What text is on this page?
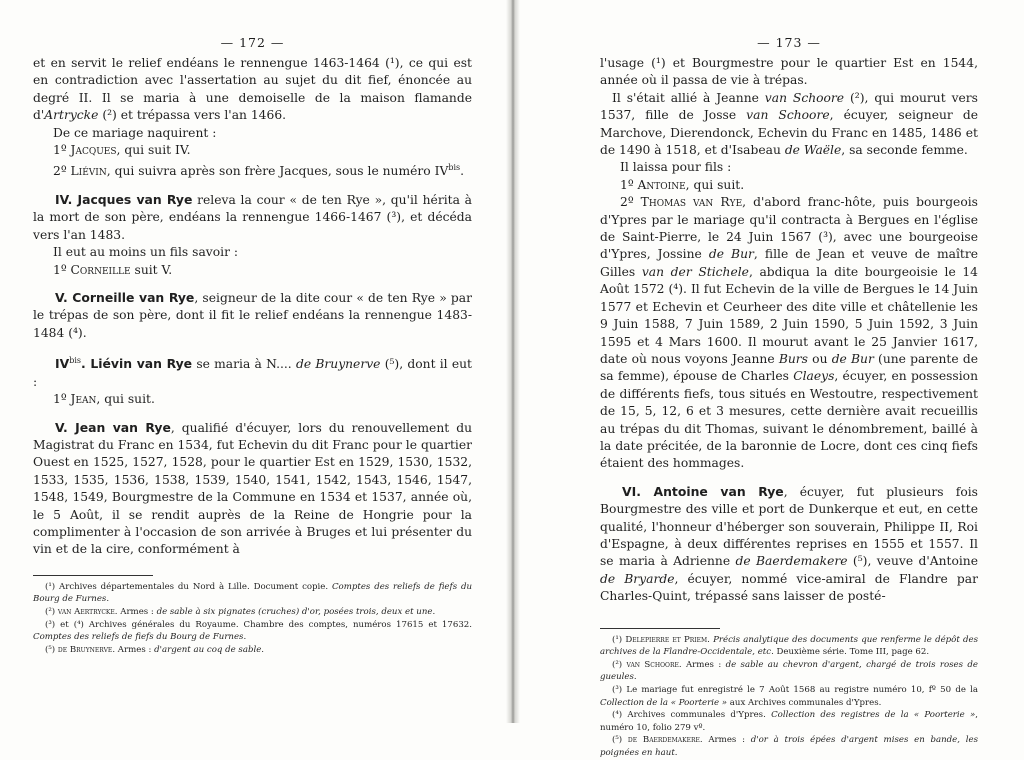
— 172 —

et en servit le relief endéans le rennengue 1463-1464 (¹), ce qui est en contradiction avec l'assertation au sujet du dit fief, énoncée au degré II. Il se maria à une demoiselle de la maison flamande d'Artrycke (²) et trépassa vers l'an 1466.

De ce mariage naquirent :

1º Jacques, qui suit IV.

2º Liévin, qui suivra après son frère Jacques, sous le numéro $IV^{bis}$.

IV. Jacques van Rye releva la cour « de ten Rye », qu'il hérita à la mort de son père, endéans la rennengue 1466-1467 (³), et décéda vers l'an 1483.

Il eut au moins un fils savoir :

1º Corneille suit V.

V. Corneille van Rye, seigneur de la dite cour « de ten Rye » par le trépas de son père, dont il fit le relief endéans la rennengue 1483-1484 (⁴).

$IV^{bis}$. Liévin van Rye se maria à N.... de Bruynerve (⁵), dont il eut :

1º Jean, qui suit.

V. Jean van Rye, qualifié d'écuyer, lors du renouvellement du Magistrat du Franc en 1534, fut Echevin du dit Franc pour le quartier Ouest en 1525, 1527, 1528, pour le quartier Est en 1529, 1530, 1532, 1533, 1535, 1536, 1538, 1539, 1540, 1541, 1542, 1543, 1546, 1547, 1548, 1549, Bourgmestre de la Commune en 1534 et 1537, année où, le 5 Août, il se rendit auprès de la Reine de Hongrie pour la complimenter à l'occasion de son arrivée à Bruges et lui présenter du vin et de la cire, conformément à

(¹) Archives départementales du Nord à Lille. Document copie. Comptes des reliefs de fiefs du Bourg de Furnes.

(²) van Aertrycke. Armes : de sable à six pignates (cruches) d'or, posées trois, deux et une.

(³) et (⁴) Archives générales du Royaume. Chambre des comptes, numéros 17615 et 17632. Comptes des reliefs de fiefs du Bourg de Furnes.

(⁵) de Bruynerve. Armes : d'argent au coq de sable.

— 173 —

l'usage (¹) et Bourgmestre pour le quartier Est en 1544, année où il passa de vie à trépas.

Il s'était allié à Jeanne van Schoore (²), qui mourut vers 1537, fille de Josse van Schoore, écuyer, seigneur de Marchove, Dierendonck, Echevin du Franc en 1485, 1486 et de 1490 à 1518, et d'Isabeau de Waële, sa seconde femme.

Il laissa pour fils :

1º Antoine, qui suit.

2º Thomas van Rye, d'abord franc-hôte, puis bourgeois d'Ypres par le mariage qu'il contracta à Bergues en l'église de Saint-Pierre, le 24 Juin 1567 (³), avec une bourgeoise d'Ypres, Jossine de Bur, fille de Jean et veuve de maître Gilles van der Stichele, abdiqua la dite bourgeoisie le 14 Août 1572 (⁴). Il fut Echevin de la ville de Bergues le 14 Juin 1577 et Echevin et Ceurheer des dite ville et châtellenie les 9 Juin 1588, 7 Juin 1589, 2 Juin 1590, 5 Juin 1592, 3 Juin 1595 et 4 Mars 1600. Il mourut avant le 25 Janvier 1617, date où nous voyons Jeanne Burs ou de Bur (une parente de sa femme), épouse de Charles Claeys, écuyer, en possession de différents fiefs, tous situés en Westoutre, respectivement de 15, 5, 12, 6 et 3 mesures, cette dernière avait recueillis au trépas du dit Thomas, suivant le dénombrement, baillé à la date précitée, de la baronnie de Locre, dont ces cinq fiefs étaient des hommages.

VI. Antoine van Rye, écuyer, fut plusieurs fois Bourgmestre des ville et port de Dunkerque et eut, en cette qualité, l'honneur d'héberger son souverain, Philippe II, Roi d'Espagne, à deux différentes reprises en 1555 et 1557. Il se maria à Adrienne de Baerdemakere (⁵), veuve d'Antoine de Bryarde, écuyer, nommé vice-amiral de Flandre par Charles-Quint, trépassé sans laisser de posté-

(¹) Delepierre et Priem. Précis analytique des documents que renferme le dépôt des archives de la Flandre-Occidentale, etc. Deuxième série. Tome III, page 62.

(²) van Schoore. Armes : de sable au chevron d'argent, chargé de trois roses de gueules.

(³) Le mariage fut enregistré le 7 Août 1568 au registre numéro 10, fº 50 de la Collection de la « Poorterie » aux Archives communales d'Ypres.

(⁴) Archives communales d'Ypres. Collection des registres de la « Poorterie », numéro 10, folio 279 vº.

(⁵) de Baerdemakere. Armes : d'or à trois épées d'argent mises en bande, les poignées en haut.
